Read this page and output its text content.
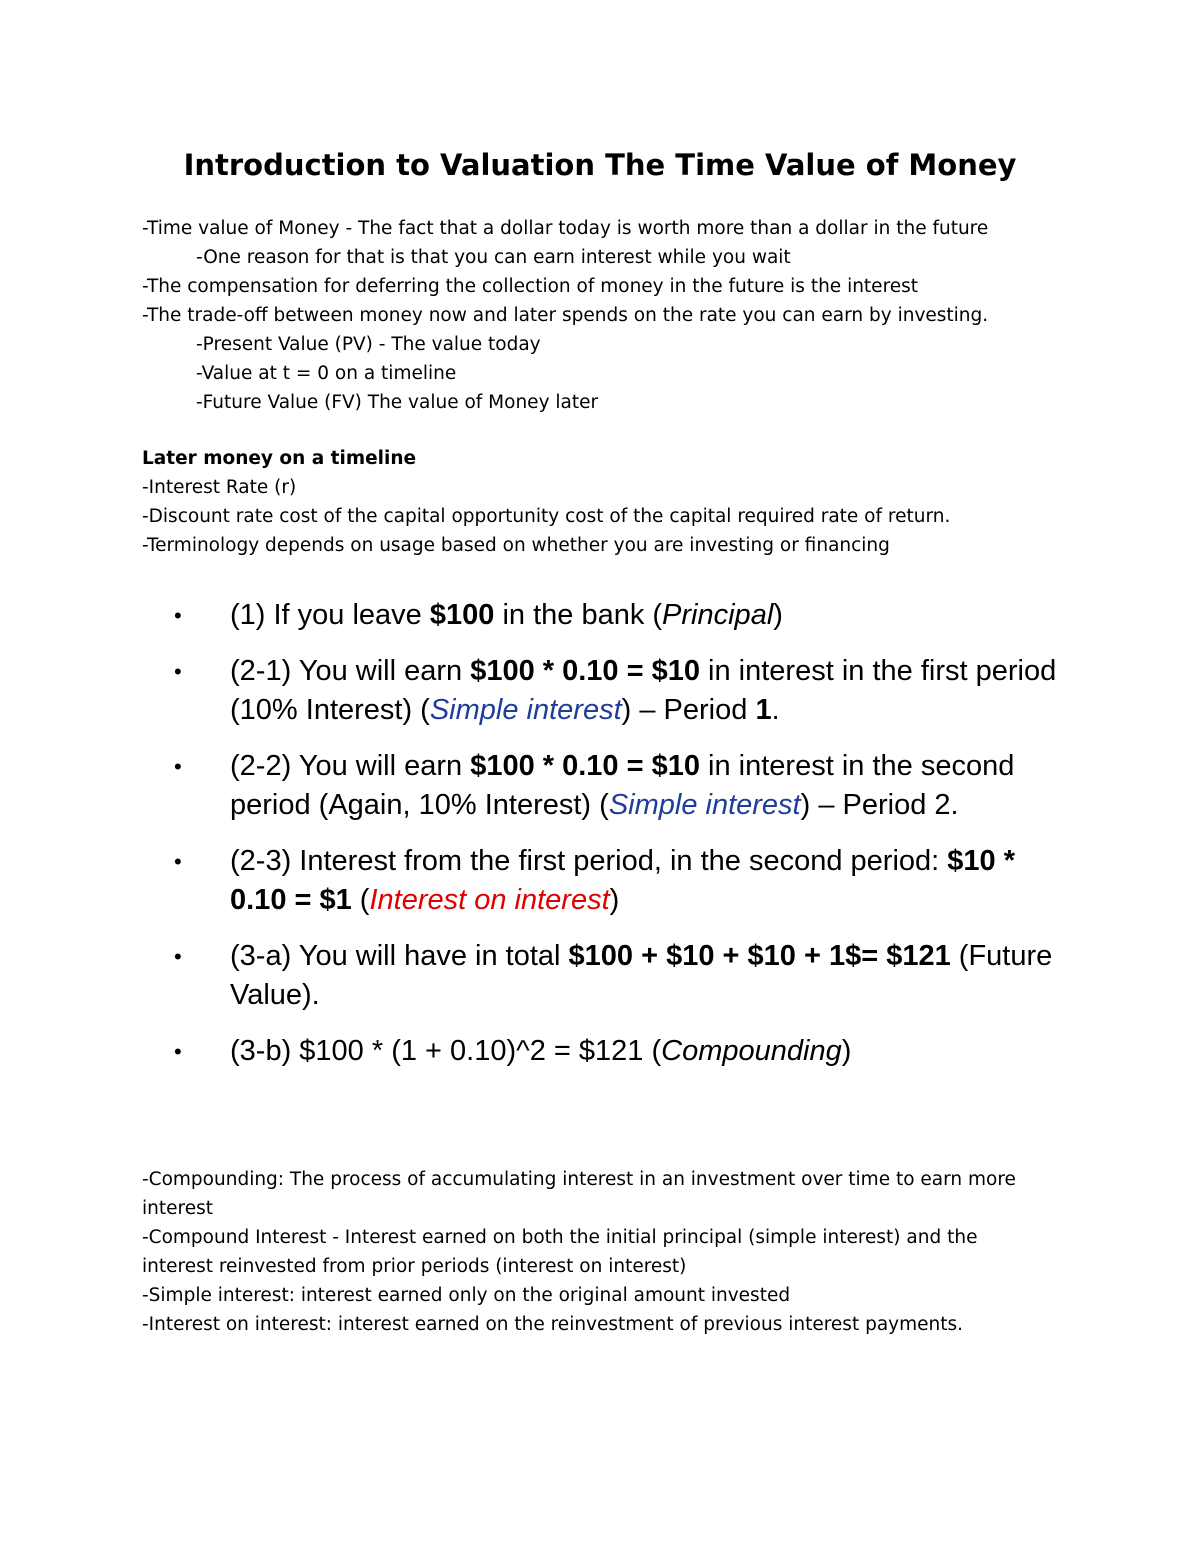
Introduction to Valuation The Time Value of Money
-Time value of Money - The fact that a dollar today is worth more than a dollar in the future
-One reason for that is that you can earn interest while you wait
-The compensation for deferring the collection of money in the future is the interest
-The trade-off between money now and later spends on the rate you can earn by investing.
-Present Value (PV) - The value today
-Value at t = 0 on a timeline
-Future Value (FV) The value of Money later
Later money on a timeline
-Interest Rate (r)
-Discount rate cost of the capital opportunity cost of the capital required rate of return.
-Terminology depends on usage based on whether you are investing or financing
•	(1) If you leave $100 in the bank (Principal)
•	(2-1) You will earn $100 * 0.10 = $10 in interest in the first period (10% Interest) (Simple interest) – Period 1.
•	(2-2) You will earn $100 * 0.10 = $10 in interest in the second period (Again, 10% Interest) (Simple interest) – Period 2.
•	(2-3) Interest from the first period, in the second period: $10 * 0.10 = $1 (Interest on interest)
•	(3-a) You will have in total $100 + $10 + $10 + 1$= $121 (Future Value).
•	(3-b) $100 * (1 + 0.10)^2 = $121 (Compounding)
-Compounding: The process of accumulating interest in an investment over time to earn more interest
-Compound Interest - Interest earned on both the initial principal (simple interest) and the interest reinvested from prior periods (interest on interest)
-Simple interest: interest earned only on the original amount invested
-Interest on interest: interest earned on the reinvestment of previous interest payments.
